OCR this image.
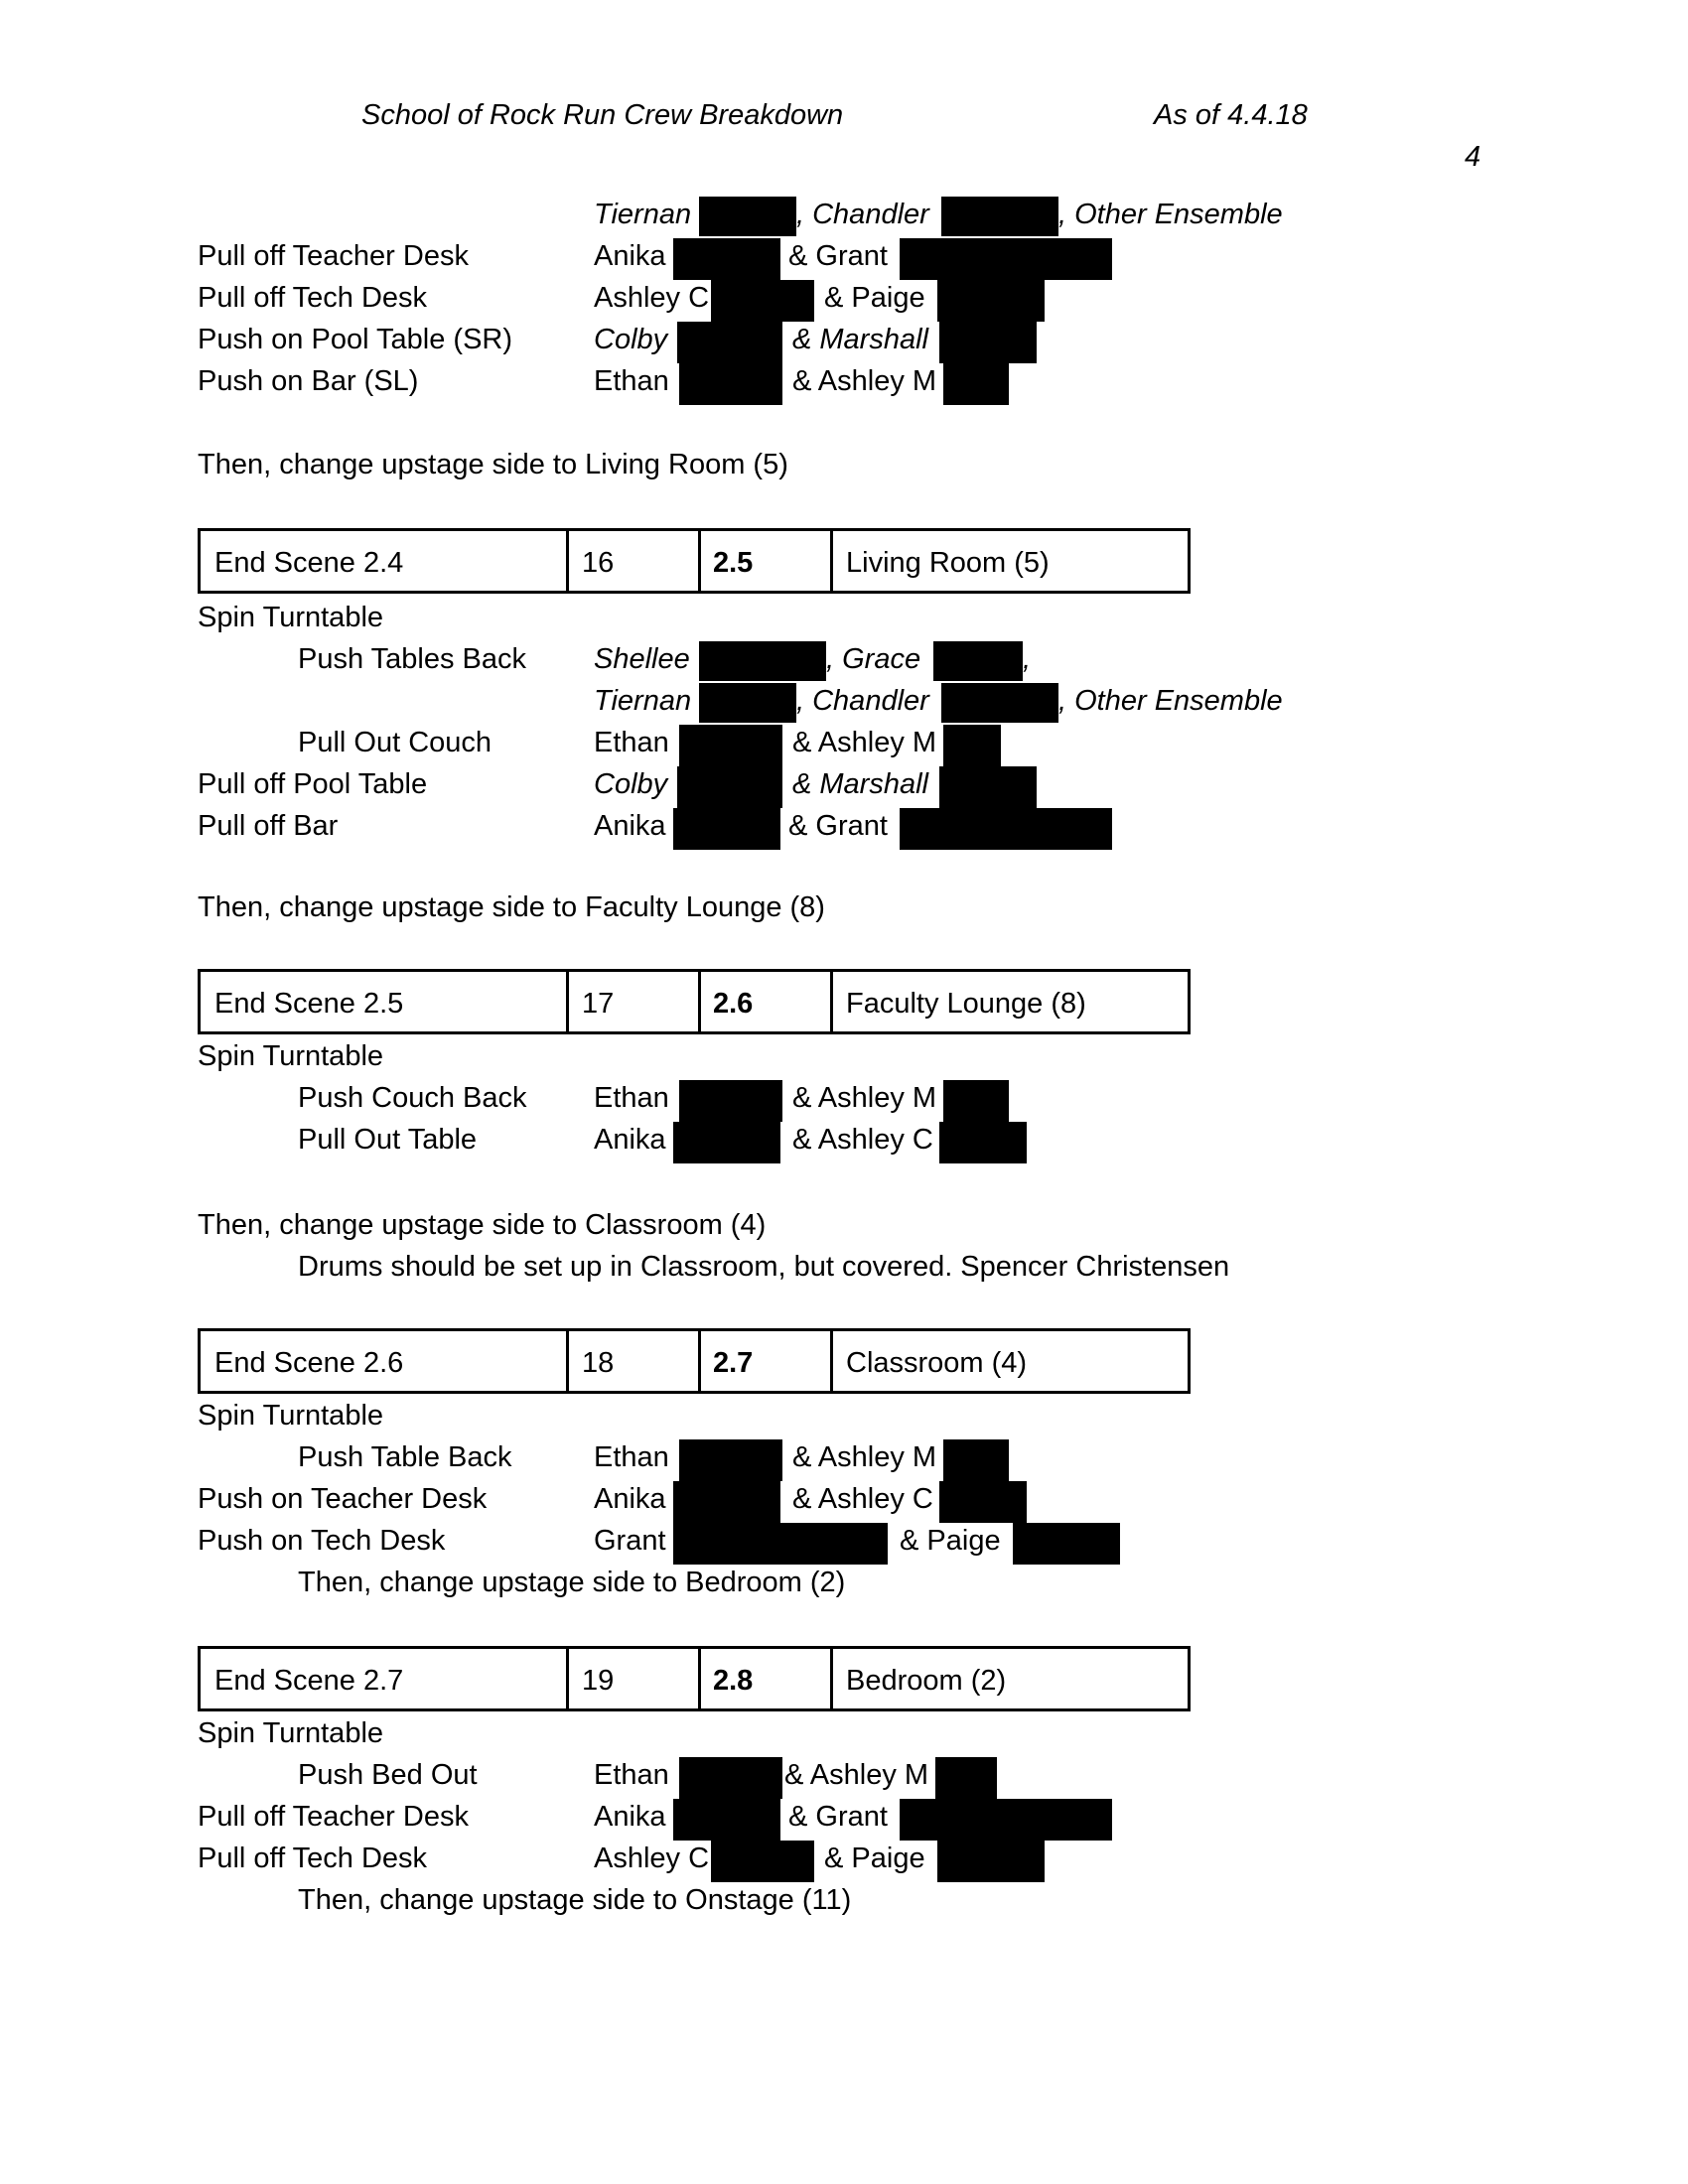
School of Rock Run Crew Breakdown	As of 4.4.18
4
Tiernan	, Chandler	, Other Ensemble
Pull off Teacher Desk	Anika	& Grant
Pull off Tech Desk	Ashley C	& Paige
Push on Pool Table (SR)	Colby	& Marshall
Push on Bar (SL)	Ethan	& Ashley M
Then, change upstage side to Living Room (5)
End Scene 2.4	16	2.5	Living Room (5)
Spin Turntable
Push Tables Back Shellee	, Grace	,
Tiernan	, Chandler	, Other Ensemble
Pull Out Couch	Ethan	& Ashley M
Pull off Pool Table	Colby	& Marshall
Pull off Bar	Anika	& Grant
Then, change upstage side to Faculty Lounge (8)
End Scene 2.5	17	2.6	Faculty Lounge (8)
Spin Turntable
Push Couch Back Ethan	& Ashley M
Pull Out Table	Anika	& Ashley C
Then, change upstage side to Classroom (4)
Drums should be set up in Classroom, but covered. Spencer Christensen
End Scene 2.6	18	2.7	Classroom (4)
Spin Turntable
Push Table Back	Ethan	& Ashley M
Push on Teacher Desk	Anika	& Ashley C
Push on Tech Desk	Grant	& Paige
Then, change upstage side to Bedroom (2)
End Scene 2.7	19	2.8	Bedroom (2)
Spin Turntable
Push Bed Out	Ethan	& Ashley M
Pull off Teacher Desk	Anika	& Grant
Pull off Tech Desk	Ashley C	& Paige
Then, change upstage side to Onstage (11)
